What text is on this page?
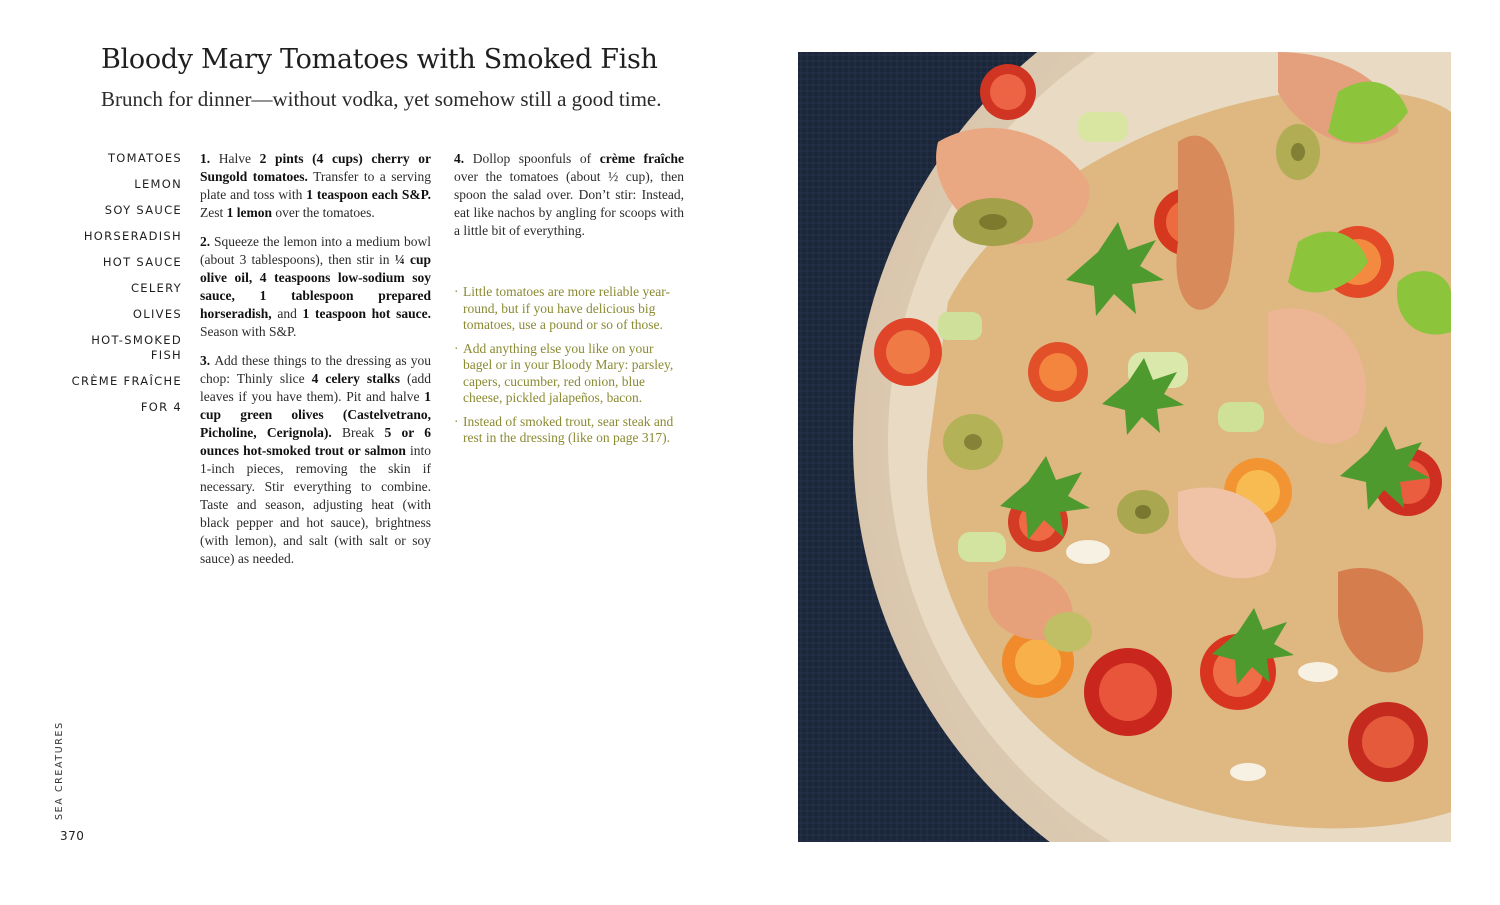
Bloody Mary Tomatoes with Smoked Fish
Brunch for dinner—without vodka, yet somehow still a good time.
TOMATOES
LEMON
SOY SAUCE
HORSERADISH
HOT SAUCE
CELERY
OLIVES
HOT-SMOKED FISH
CRÈME FRAÎCHE
FOR 4

1. Halve 2 pints (4 cups) cherry or Sungold tomatoes. Transfer to a serving plate and toss with 1 teaspoon each S&P. Zest 1 lemon over the tomatoes.

2. Squeeze the lemon into a medium bowl (about 3 tablespoons), then stir in ¼ cup olive oil, 4 teaspoons low-sodium soy sauce, 1 tablespoon prepared horseradish, and 1 teaspoon hot sauce. Season with S&P.

3. Add these things to the dressing as you chop: Thinly slice 4 celery stalks (add leaves if you have them). Pit and halve 1 cup green olives (Castelvetrano, Picholine, Cerignola). Break 5 or 6 ounces hot-smoked trout or salmon into 1-inch pieces, removing the skin if necessary. Stir everything to combine. Taste and season, adjusting heat (with black pepper and hot sauce), brightness (with lemon), and salt (with salt or soy sauce) as needed.

4. Dollop spoonfuls of crème fraîche over the tomatoes (about ½ cup), then spoon the salad over. Don’t stir: Instead, eat like nachos by angling for scoops with a little bit of everything.

· Little tomatoes are more reliable year-round, but if you have delicious big tomatoes, use a pound or so of those.
· Add anything else you like on your bagel or in your Bloody Mary: parsley, capers, cucumber, red onion, blue cheese, pickled jalapeños, bacon.
· Instead of smoked trout, sear steak and rest in the dressing (like on page 317).
SEA CREATURES
370
